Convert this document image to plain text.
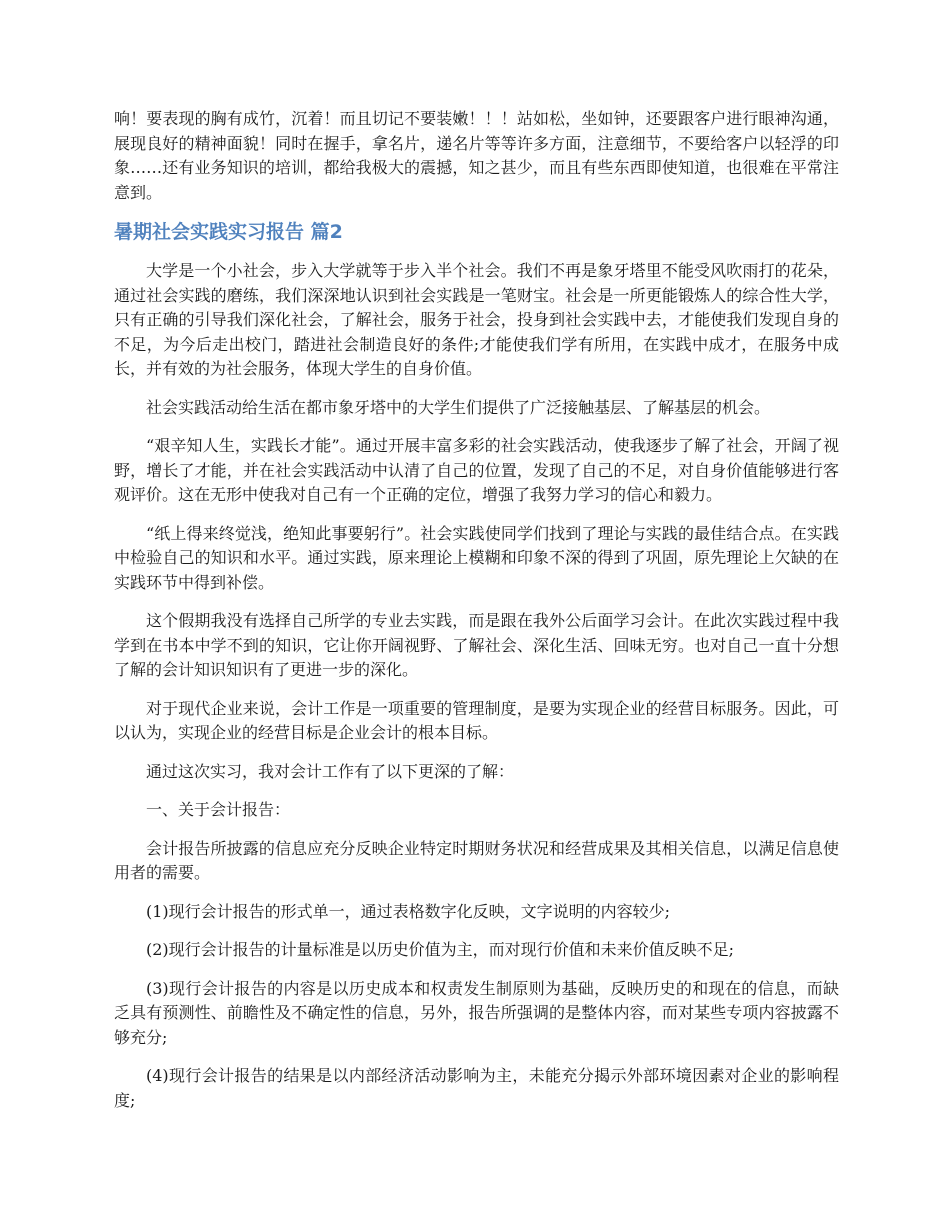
响！要表现的胸有成竹，沉着！而且切记不要装嫩！！！站如松，坐如钟，还要跟客户进行眼神沟通，展现良好的精神面貌！同时在握手，拿名片，递名片等等许多方面，注意细节，不要给客户以轻浮的印象……还有业务知识的培训，都给我极大的震撼，知之甚少，而且有些东西即使知道，也很难在平常注意到。

暑期社会实践实习报告 篇2

大学是一个小社会，步入大学就等于步入半个社会。我们不再是象牙塔里不能受风吹雨打的花朵，通过社会实践的磨练，我们深深地认识到社会实践是一笔财宝。社会是一所更能锻炼人的综合性大学，只有正确的引导我们深化社会，了解社会，服务于社会，投身到社会实践中去，才能使我们发现自身的不足，为今后走出校门，踏进社会制造良好的条件;才能使我们学有所用，在实践中成才，在服务中成长，并有效的为社会服务，体现大学生的自身价值。

社会实践活动给生活在都市象牙塔中的大学生们提供了广泛接触基层、了解基层的机会。

“艰辛知人生，实践长才能”。通过开展丰富多彩的社会实践活动，使我逐步了解了社会，开阔了视野，增长了才能，并在社会实践活动中认清了自己的位置，发现了自己的不足，对自身价值能够进行客观评价。这在无形中使我对自己有一个正确的定位，增强了我努力学习的信心和毅力。

“纸上得来终觉浅，绝知此事要躬行”。社会实践使同学们找到了理论与实践的最佳结合点。在实践中检验自己的知识和水平。通过实践，原来理论上模糊和印象不深的得到了巩固，原先理论上欠缺的在实践环节中得到补偿。

这个假期我没有选择自己所学的专业去实践，而是跟在我外公后面学习会计。在此次实践过程中我学到在书本中学不到的知识，它让你开阔视野、了解社会、深化生活、回味无穷。也对自己一直十分想了解的会计知识知识有了更进一步的深化。

对于现代企业来说，会计工作是一项重要的管理制度，是要为实现企业的经营目标服务。因此，可以认为，实现企业的经营目标是企业会计的根本目标。

通过这次实习，我对会计工作有了以下更深的了解：

一、关于会计报告：

会计报告所披露的信息应充分反映企业特定时期财务状况和经营成果及其相关信息，以满足信息使用者的需要。

(1)现行会计报告的形式单一，通过表格数字化反映，文字说明的内容较少;

(2)现行会计报告的计量标准是以历史价值为主，而对现行价值和未来价值反映不足;

(3)现行会计报告的内容是以历史成本和权责发生制原则为基础，反映历史的和现在的信息，而缺乏具有预测性、前瞻性及不确定性的信息，另外，报告所强调的是整体内容，而对某些专项内容披露不够充分;

(4)现行会计报告的结果是以内部经济活动影响为主，未能充分揭示外部环境因素对企业的影响程度;
